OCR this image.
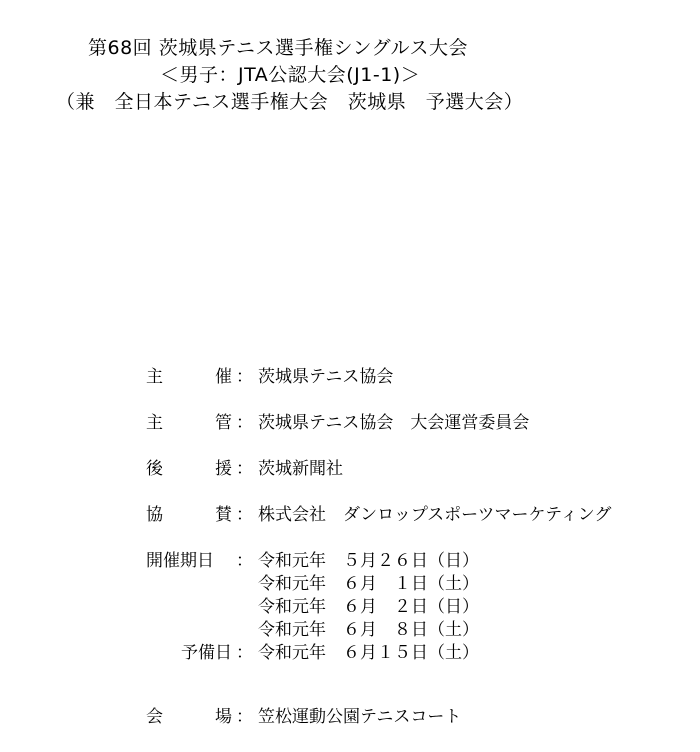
第68回 茨城県テニス選手権シングルス大会
＜男子：JTA公認大会(J1-1)＞
（兼　全日本テニス選手権大会　茨城県　予選大会）
主	催 ： 茨城県テニス協会
主	管 ： 茨城県テニス協会　大会運営委員会
後	援 ： 茨城新聞社
協	賛 ： 株式会社　ダンロップスポーツマーケティング
開催期日 ： 令和元年　５月２６日（日）
令和元年　６月　１日（土）
令和元年　６月　２日（日）
令和元年　６月　８日（土）
予備日 ： 令和元年　６月１５日（土）
会	場 ： 笠松運動公園テニスコート
